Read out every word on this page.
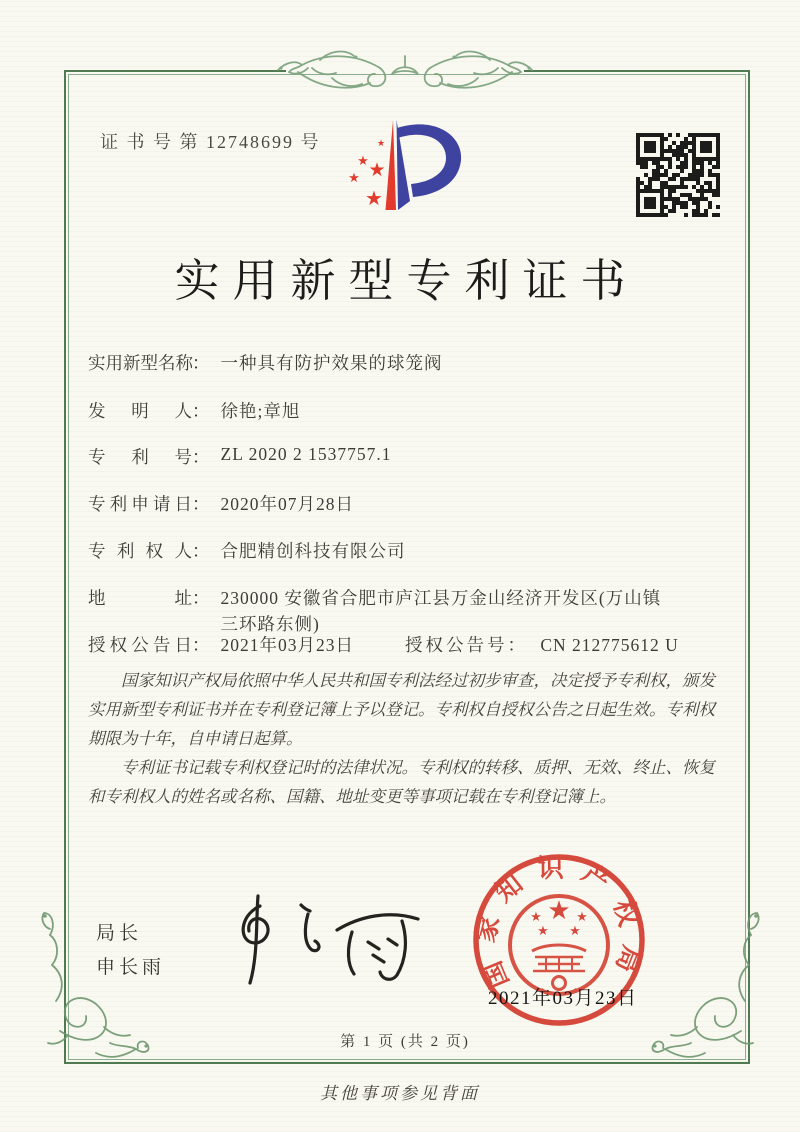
证 书 号 第 12748699 号	★
★ ★
★
★
实用新型专利证书
实 用 新 型 名 称 ： 一种具有防护效果的球笼阀
发 明 人 ： 徐艳;章旭
专 利 号 ： ZL 2020 2 1537757.1
专 利 申 请 日 ： 2020年07月28日
专 利 权 人 ： 合肥精创科技有限公司
地	址 ： 230000 安徽省合肥市庐江县万金山经济开发区(万山镇三环路东侧)
授 权 公 告 日 ： 2021年03月23日	授权公告号： CN 212775612 U

国家知识产权局依照中华人民共和国专利法经过初步审查，决定授予专利权，颁发实用新型专利证书并在专利登记簿上予以登记。专利权自授权公告之日起生效。专利权期限为十年，自申请日起算。

专利证书记载专利权登记时的法律状况。专利权的转移、质押、无效、终止、恢复和专利权人的姓名或名称、国籍、地址变更等事项记载在专利登记簿上。

局长
申长雨	国家知识产权局
★
★	★
★ ★
2021年03月23日
第 1 页 (共 2 页)
其他事项参见背面
